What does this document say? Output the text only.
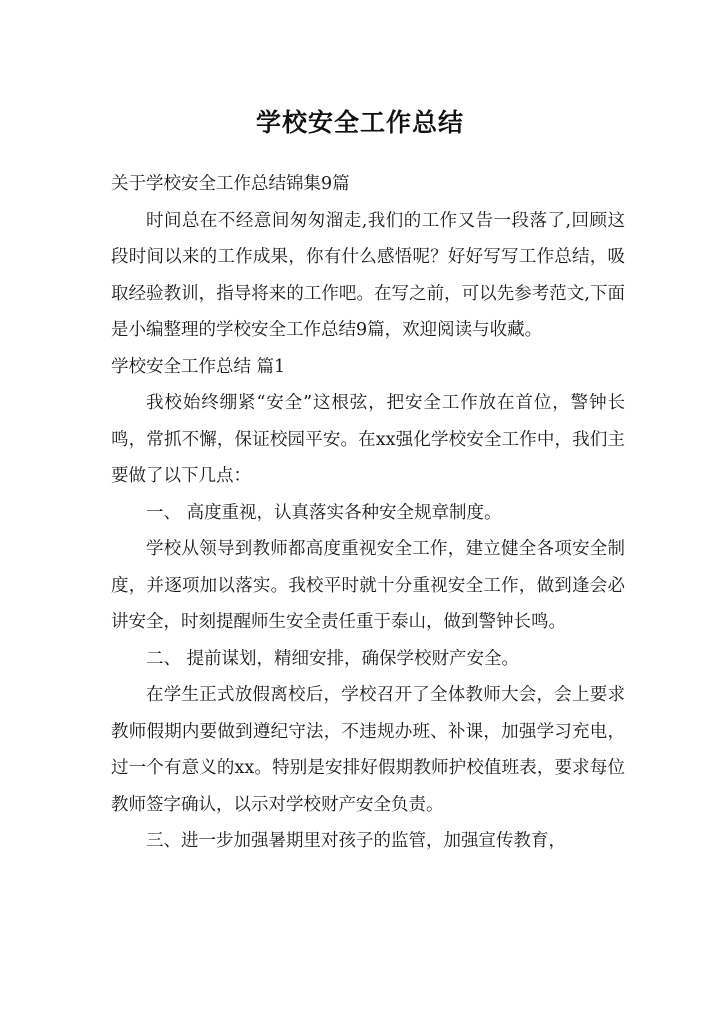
学校安全工作总结

关于学校安全工作总结锦集9篇

时间总在不经意间匆匆溜走,我们的工作又告一段落了,回顾这段时间以来的工作成果，你有什么感悟呢？好好写写工作总结，吸取经验教训，指导将来的工作吧。在写之前，可以先参考范文,下面是小编整理的学校安全工作总结9篇，欢迎阅读与收藏。

学校安全工作总结 篇1

我校始终绷紧“安全”这根弦，把安全工作放在首位，警钟长鸣，常抓不懈，保证校园平安。在xx强化学校安全工作中，我们主要做了以下几点：

一、 高度重视，认真落实各种安全规章制度。

学校从领导到教师都高度重视安全工作，建立健全各项安全制度，并逐项加以落实。我校平时就十分重视安全工作，做到逢会必讲安全，时刻提醒师生安全责任重于泰山，做到警钟长鸣。

二、 提前谋划，精细安排，确保学校财产安全。

在学生正式放假离校后，学校召开了全体教师大会，会上要求教师假期内要做到遵纪守法，不违规办班、补课，加强学习充电，过一个有意义的xx。特别是安排好假期教师护校值班表，要求每位教师签字确认，以示对学校财产安全负责。

三、进一步加强暑期里对孩子的监管，加强宣传教育，
